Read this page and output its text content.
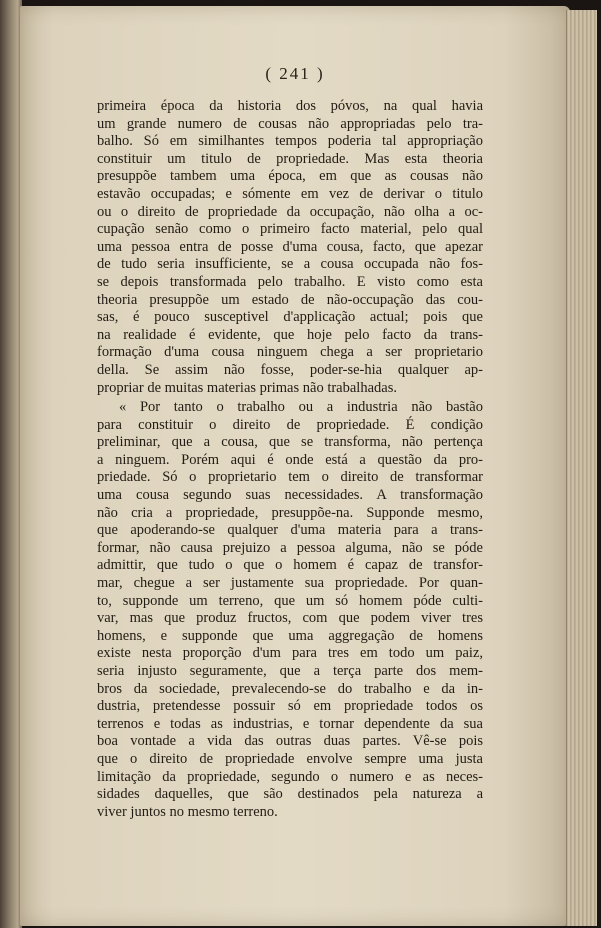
( 241 )
primeira época da historia dos póvos, na qual havia
um grande numero de cousas não appropriadas pelo tra-
balho. Só em similhantes tempos poderia tal appropriação
constituir um titulo de propriedade. Mas esta theoria
presuppõe tambem uma época, em que as cousas não
estavão occupadas; e sómente em vez de derivar o titulo
ou o direito de propriedade da occupação, não olha a oc-
cupação senão como o primeiro facto material, pelo qual
uma pessoa entra de posse d'uma cousa, facto, que apezar
de tudo seria insufficiente, se a cousa occupada não fos-
se depois transformada pelo trabalho. E visto como esta
theoria presuppõe um estado de não-occupação das cou-
sas, é pouco susceptivel d'applicação actual; pois que
na realidade é evidente, que hoje pelo facto da trans-
formação d'uma cousa ninguem chega a ser proprietario
della. Se assim não fosse, poder-se-hia qualquer ap-
propriar de muitas materias primas não trabalhadas.
« Por tanto o trabalho ou a industria não bastão
para constituir o direito de propriedade. É condição
preliminar, que a cousa, que se transforma, não pertença
a ninguem. Porém aqui é onde está a questão da pro-
priedade. Só o proprietario tem o direito de transformar
uma cousa segundo suas necessidades. A transformação
não cria a propriedade, presuppõe-na. Supponde mesmo,
que apoderando-se qualquer d'uma materia para a trans-
formar, não causa prejuizo a pessoa alguma, não se póde
admittir, que tudo o que o homem é capaz de transfor-
mar, chegue a ser justamente sua propriedade. Por quan-
to, supponde um terreno, que um só homem póde culti-
var, mas que produz fructos, com que podem viver tres
homens, e supponde que uma aggregação de homens
existe nesta proporção d'um para tres em todo um paiz,
seria injusto seguramente, que a terça parte dos mem-
bros da sociedade, prevalecendo-se do trabalho e da in-
dustria, pretendesse possuir só em propriedade todos os
terrenos e todas as industrias, e tornar dependente da sua
boa vontade a vida das outras duas partes. Vê-se pois
que o direito de propriedade envolve sempre uma justa
limitação da propriedade, segundo o numero e as neces-
sidades daquelles, que são destinados pela natureza a
viver juntos no mesmo terreno.
